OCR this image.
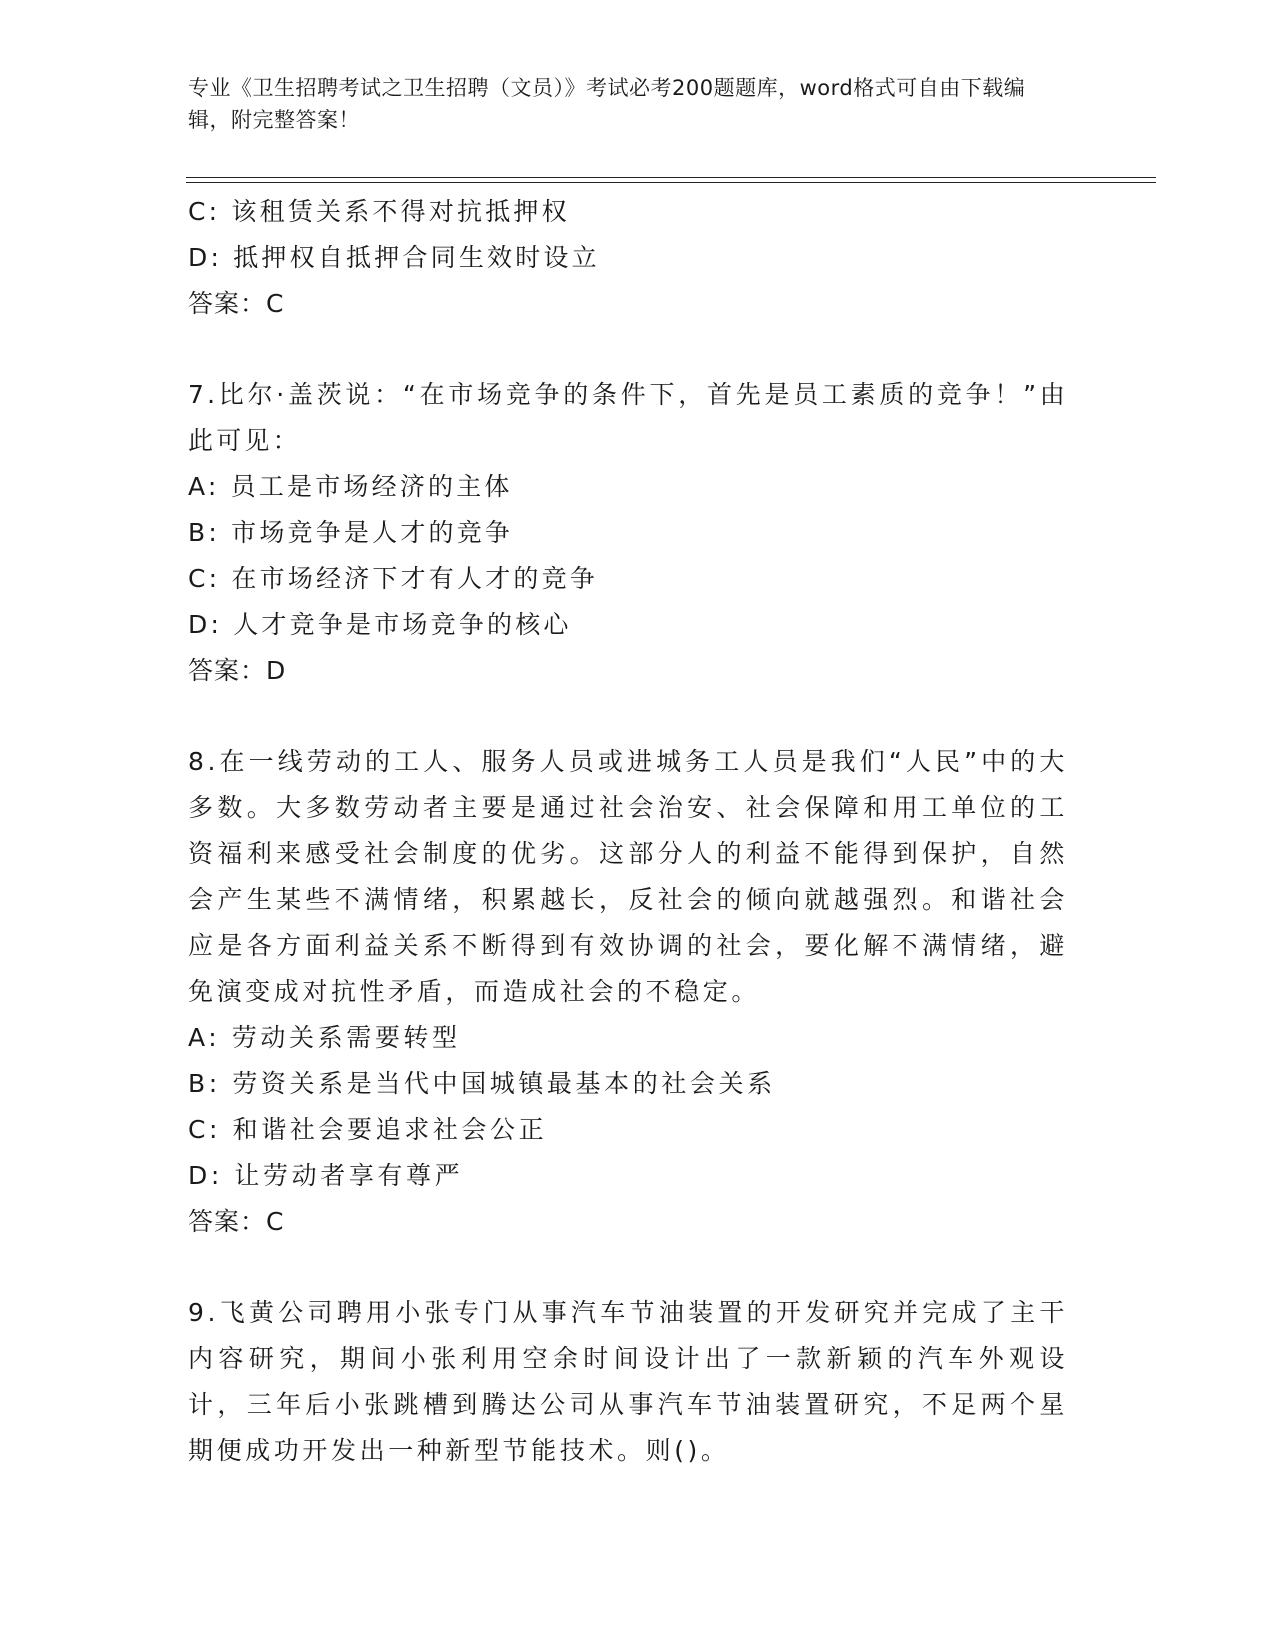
专业《卫生招聘考试之卫生招聘（文员）》考试必考200题题库，word格式可自由下载编辑，附完整答案！
C: 该租赁关系不得对抗抵押权
D: 抵押权自抵押合同生效时设立
答案：C
7.比尔·盖茨说：“在市场竞争的条件下，首先是员工素质的竞争！”由此可见：
A: 员工是市场经济的主体
B: 市场竞争是人才的竞争
C: 在市场经济下才有人才的竞争
D: 人才竞争是市场竞争的核心
答案：D
8.在一线劳动的工人、服务人员或进城务工人员是我们“人民”中的大多数。大多数劳动者主要是通过社会治安、社会保障和用工单位的工资福利来感受社会制度的优劣。这部分人的利益不能得到保护，自然会产生某些不满情绪，积累越长，反社会的倾向就越强烈。和谐社会应是各方面利益关系不断得到有效协调的社会，要化解不满情绪，避免演变成对抗性矛盾，而造成社会的不稳定。
A: 劳动关系需要转型
B: 劳资关系是当代中国城镇最基本的社会关系
C: 和谐社会要追求社会公正
D: 让劳动者享有尊严
答案：C
9.飞黄公司聘用小张专门从事汽车节油装置的开发研究并完成了主干内容研究，期间小张利用空余时间设计出了一款新颖的汽车外观设计，三年后小张跳槽到腾达公司从事汽车节油装置研究，不足两个星期便成功开发出一种新型节能技术。则()。
